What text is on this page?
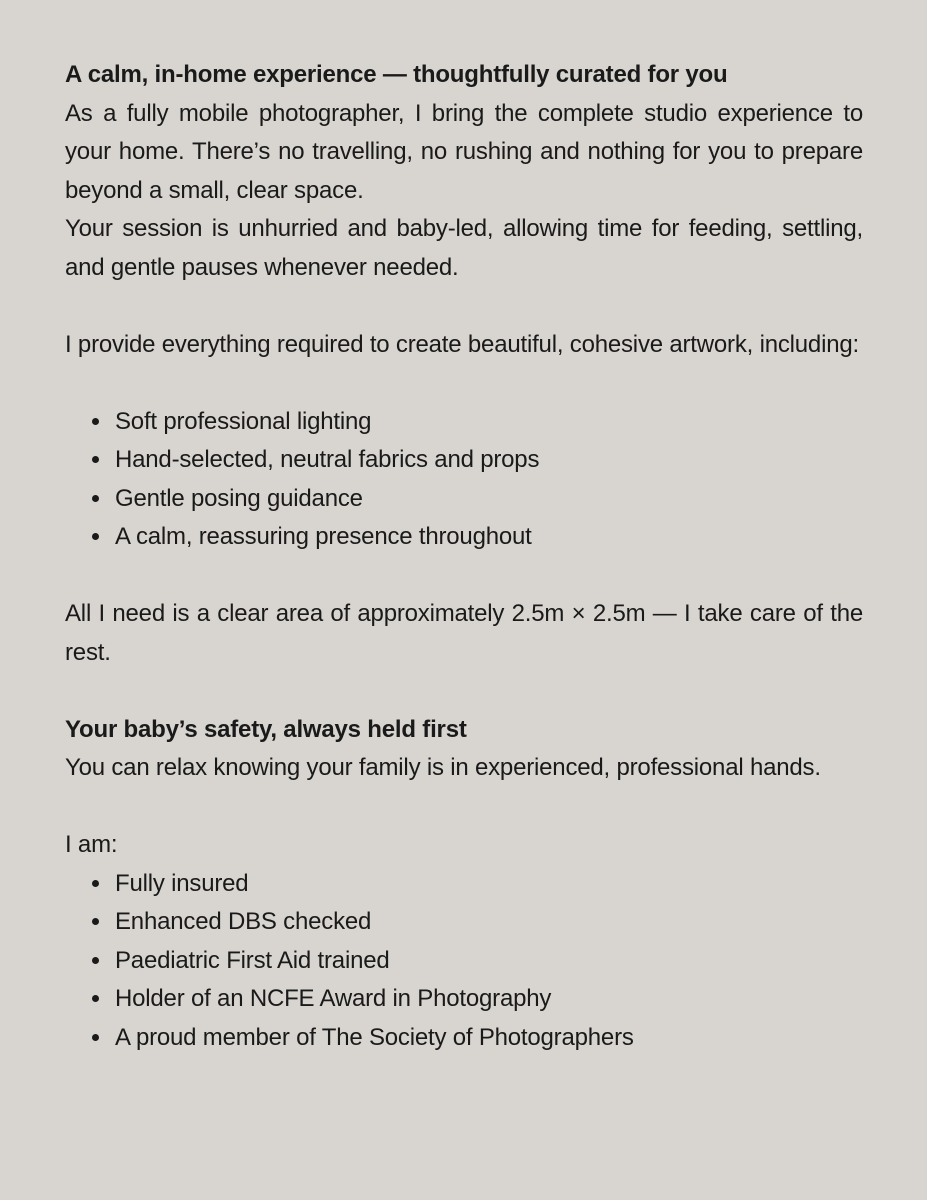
A calm, in-home experience — thoughtfully curated for you

As a fully mobile photographer, I bring the complete studio experience to your home. There’s no travelling, no rushing and nothing for you to prepare beyond a small, clear space.

Your session is unhurried and baby-led, allowing time for feeding, settling, and gentle pauses whenever needed.

I provide everything required to create beautiful, cohesive artwork, including:

• Soft professional lighting
• Hand-selected, neutral fabrics and props
• Gentle posing guidance
• A calm, reassuring presence throughout

All I need is a clear area of approximately 2.5m × 2.5m — I take care of the rest.

Your baby’s safety, always held first

You can relax knowing your family is in experienced, professional hands.

I am:

• Fully insured
• Enhanced DBS checked
• Paediatric First Aid trained
• Holder of an NCFE Award in Photography
• A proud member of The Society of Photographers
